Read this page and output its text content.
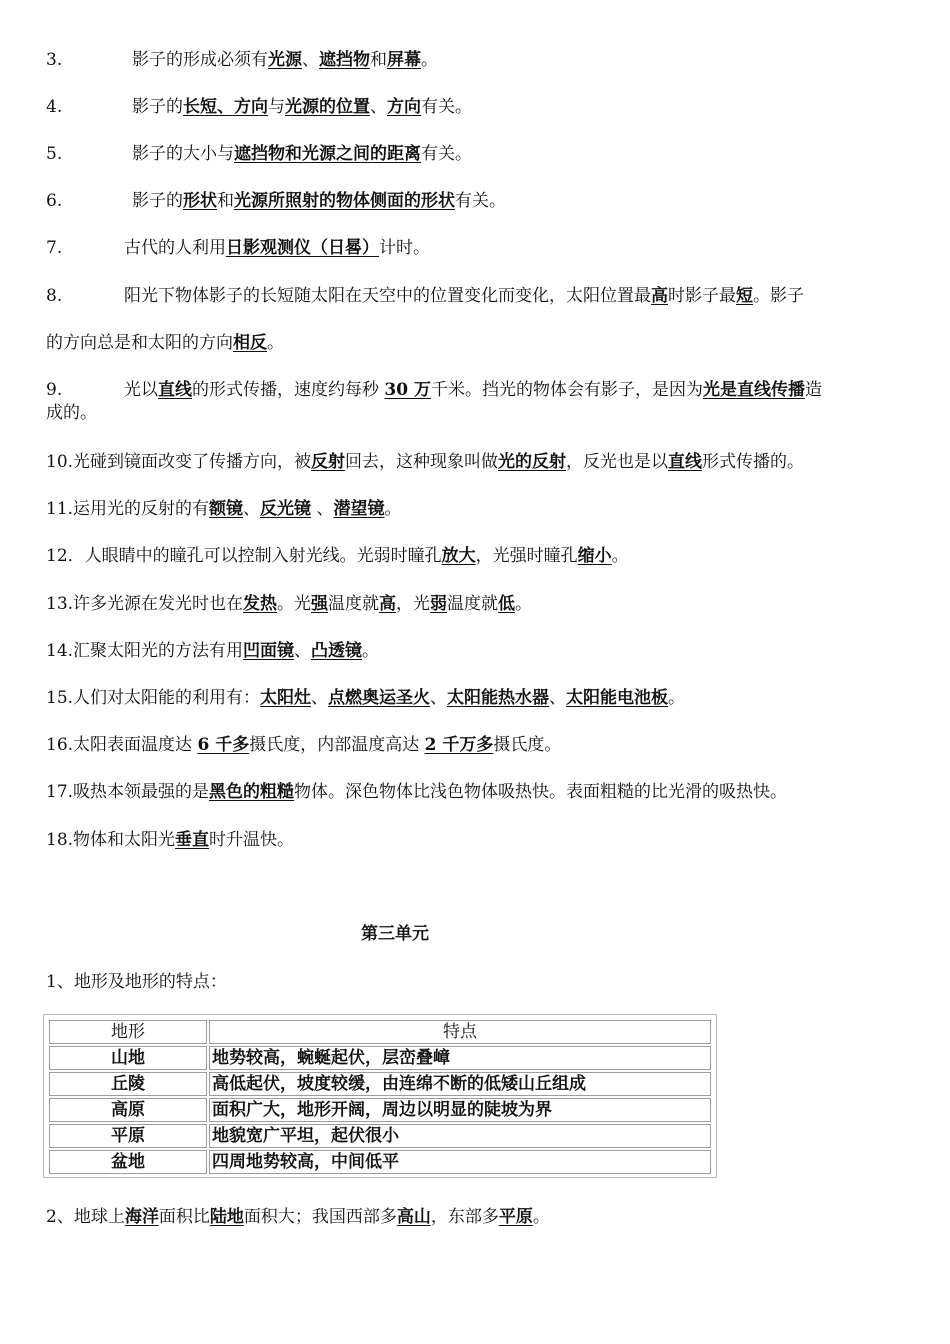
3.	影子的形成必须有光源、遮挡物和屏幕。
4.	影子的长短、方向与光源的位置、方向有关。
5.	影子的大小与遮挡物和光源之间的距离有关。
6.	影子的形状和光源所照射的物体侧面的形状有关。
7.	古代的人利用日影观测仪（日晷）计时。
8.	阳光下物体影子的长短随太阳在天空中的位置变化而变化，太阳位置最高时影子最短。影子
的方向总是和太阳的方向相反。
9.	光以直线的形式传播，速度约每秒 30 万千米。挡光的物体会有影子，是因为光是直线传播造
成的。
10.光碰到镜面改变了传播方向，被反射回去，这种现象叫做光的反射，反光也是以直线形式传播的。
11.运用光的反射的有额镜、反光镜 、潜望镜。
12．人眼睛中的瞳孔可以控制入射光线。光弱时瞳孔放大，光强时瞳孔缩小。
13.许多光源在发光时也在发热。光强温度就高，光弱温度就低。
14.汇聚太阳光的方法有用凹面镜、凸透镜。
15.人们对太阳能的利用有：太阳灶、点燃奥运圣火、太阳能热水器、太阳能电池板。
16.太阳表面温度达 6 千多摄氏度，内部温度高达 2 千万多摄氏度。
17.吸热本领最强的是黑色的粗糙物体。深色物体比浅色物体吸热快。表面粗糙的比光滑的吸热快。
18.物体和太阳光垂直时升温快。
第三单元
1、地形及地形的特点：
地形	特点
山地	地势较高，蜿蜒起伏，层峦叠嶂
丘陵	高低起伏，坡度较缓，由连绵不断的低矮山丘组成
高原	面积广大，地形开阔，周边以明显的陡坡为界
平原	地貌宽广平坦，起伏很小
盆地	四周地势较高，中间低平
2、地球上海洋面积比陆地面积大；我国西部多高山，东部多平原。
